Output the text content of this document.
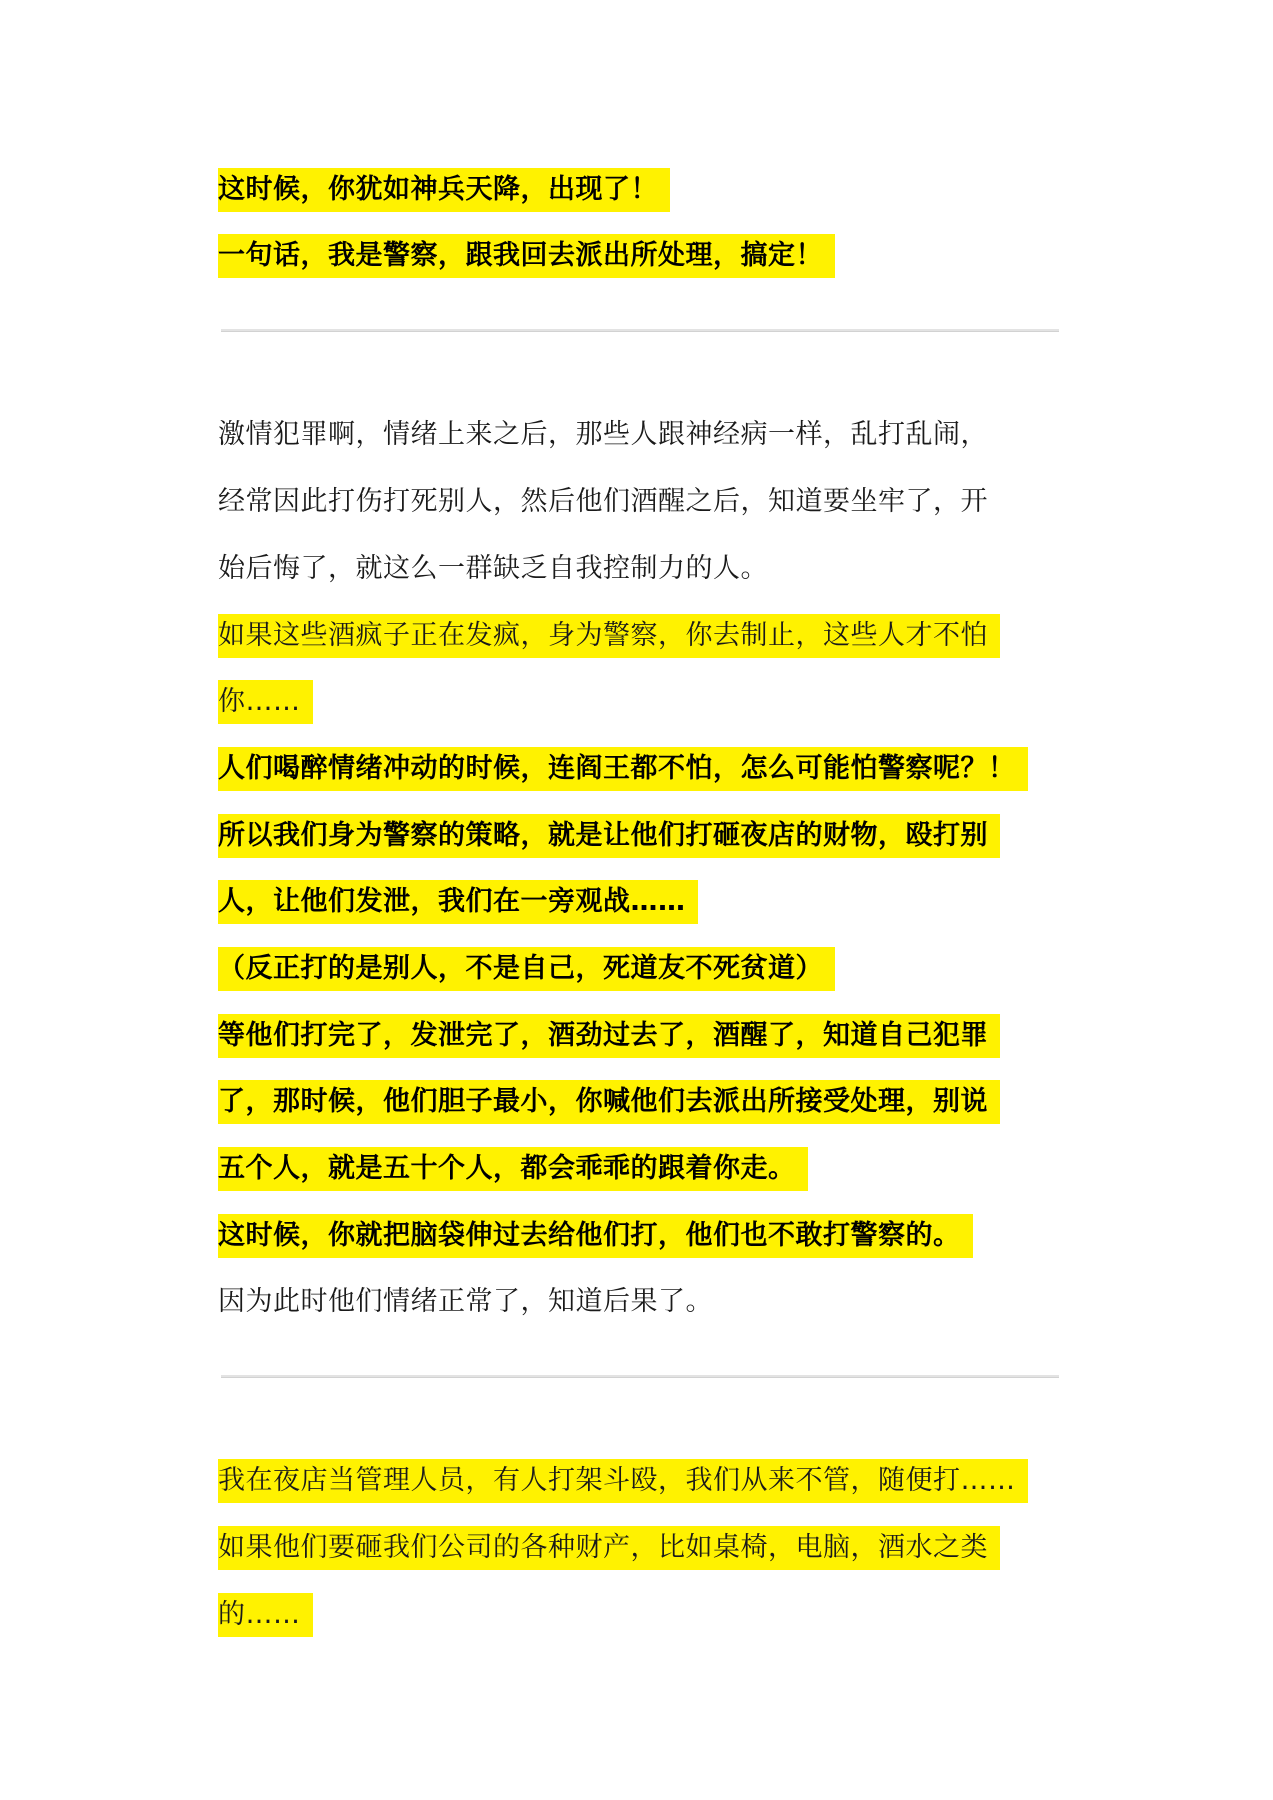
这时候，你犹如神兵天降，出现了！
一句话，我是警察，跟我回去派出所处理，搞定！
激情犯罪啊，情绪上来之后，那些人跟神经病一样，乱打乱闹，
经常因此打伤打死别人，然后他们酒醒之后，知道要坐牢了，开
始后悔了，就这么一群缺乏自我控制力的人。
如果这些酒疯子正在发疯，身为警察，你去制止，这些人才不怕
你……
人们喝醉情绪冲动的时候，连阎王都不怕，怎么可能怕警察呢？！
所以我们身为警察的策略，就是让他们打砸夜店的财物，殴打别
人，让他们发泄，我们在一旁观战……
（反正打的是别人，不是自己，死道友不死贫道）
等他们打完了，发泄完了，酒劲过去了，酒醒了，知道自己犯罪
了，那时候，他们胆子最小，你喊他们去派出所接受处理，别说
五个人，就是五十个人，都会乖乖的跟着你走。
这时候，你就把脑袋伸过去给他们打，他们也不敢打警察的。
因为此时他们情绪正常了，知道后果了。
我在夜店当管理人员，有人打架斗殴，我们从来不管，随便打……
如果他们要砸我们公司的各种财产，比如桌椅，电脑，酒水之类
的……
